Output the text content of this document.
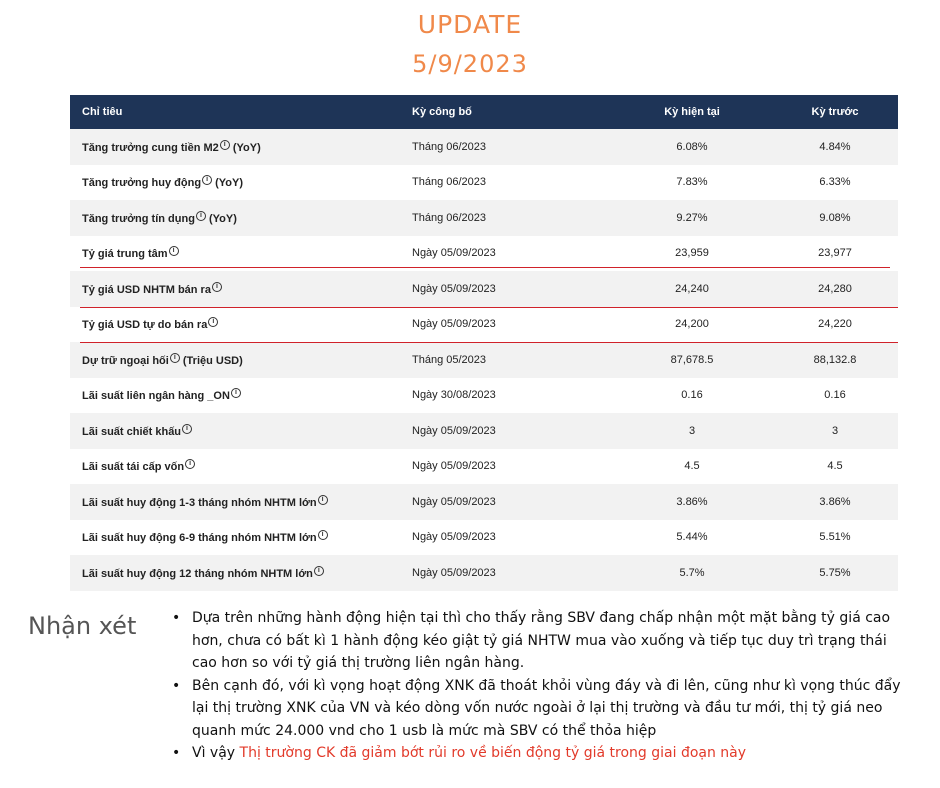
UPDATE
5/9/2023
Chỉ tiêu	Kỳ công bố	Kỳ hiện tại	Kỳ trước
Tăng trưởng cung tiền M2 i (YoY)	Tháng 06/2023	6.08%	4.84%
Tăng trưởng huy động i (YoY)	Tháng 06/2023	7.83%	6.33%
Tăng trưởng tín dụng i (YoY)	Tháng 06/2023	9.27%	9.08%
Tỷ giá trung tâm i	Ngày 05/09/2023	23,959	23,977
Tỷ giá USD NHTM bán ra i	Ngày 05/09/2023	24,240	24,280
Tỷ giá USD tự do bán ra i	Ngày 05/09/2023	24,200	24,220
Dự trữ ngoại hối i (Triệu USD)	Tháng 05/2023	87,678.5	88,132.8
Lãi suất liên ngân hàng _ON i	Ngày 30/08/2023	0.16	0.16
Lãi suất chiết khấu i	Ngày 05/09/2023	3	3
Lãi suất tái cấp vốn i	Ngày 05/09/2023	4.5	4.5
Lãi suất huy động 1-3 tháng nhóm NHTM lớn i	Ngày 05/09/2023	3.86%	3.86%
Lãi suất huy động 6-9 tháng nhóm NHTM lớn i	Ngày 05/09/2023	5.44%	5.51%
Lãi suất huy động 12 tháng nhóm NHTM lớn i	Ngày 05/09/2023	5.7%	5.75%
Nhận xét	• Dựa trên những hành động hiện tại thì cho thấy rằng SBV đang chấp nhận một mặt bằng tỷ giá cao hơn, chưa có bất kì 1 hành động kéo giật tỷ giá NHTW mua vào xuống và tiếp tục duy trì trạng thái cao hơn so với tỷ giá thị trường liên ngân hàng.
• Bên cạnh đó, với kì vọng hoạt động XNK đã thoát khỏi vùng đáy và đi lên, cũng như kì vọng thúc đẩy lại thị trường XNK của VN và kéo dòng vốn nước ngoài ở lại thị trường và đầu tư mới, thị tỷ giá neo quanh mức 24.000 vnd cho 1 usb là mức mà SBV có thể thỏa hiệp
• Vì vậy Thị trường CK đã giảm bớt rủi ro về biến động tỷ giá trong giai đoạn này
